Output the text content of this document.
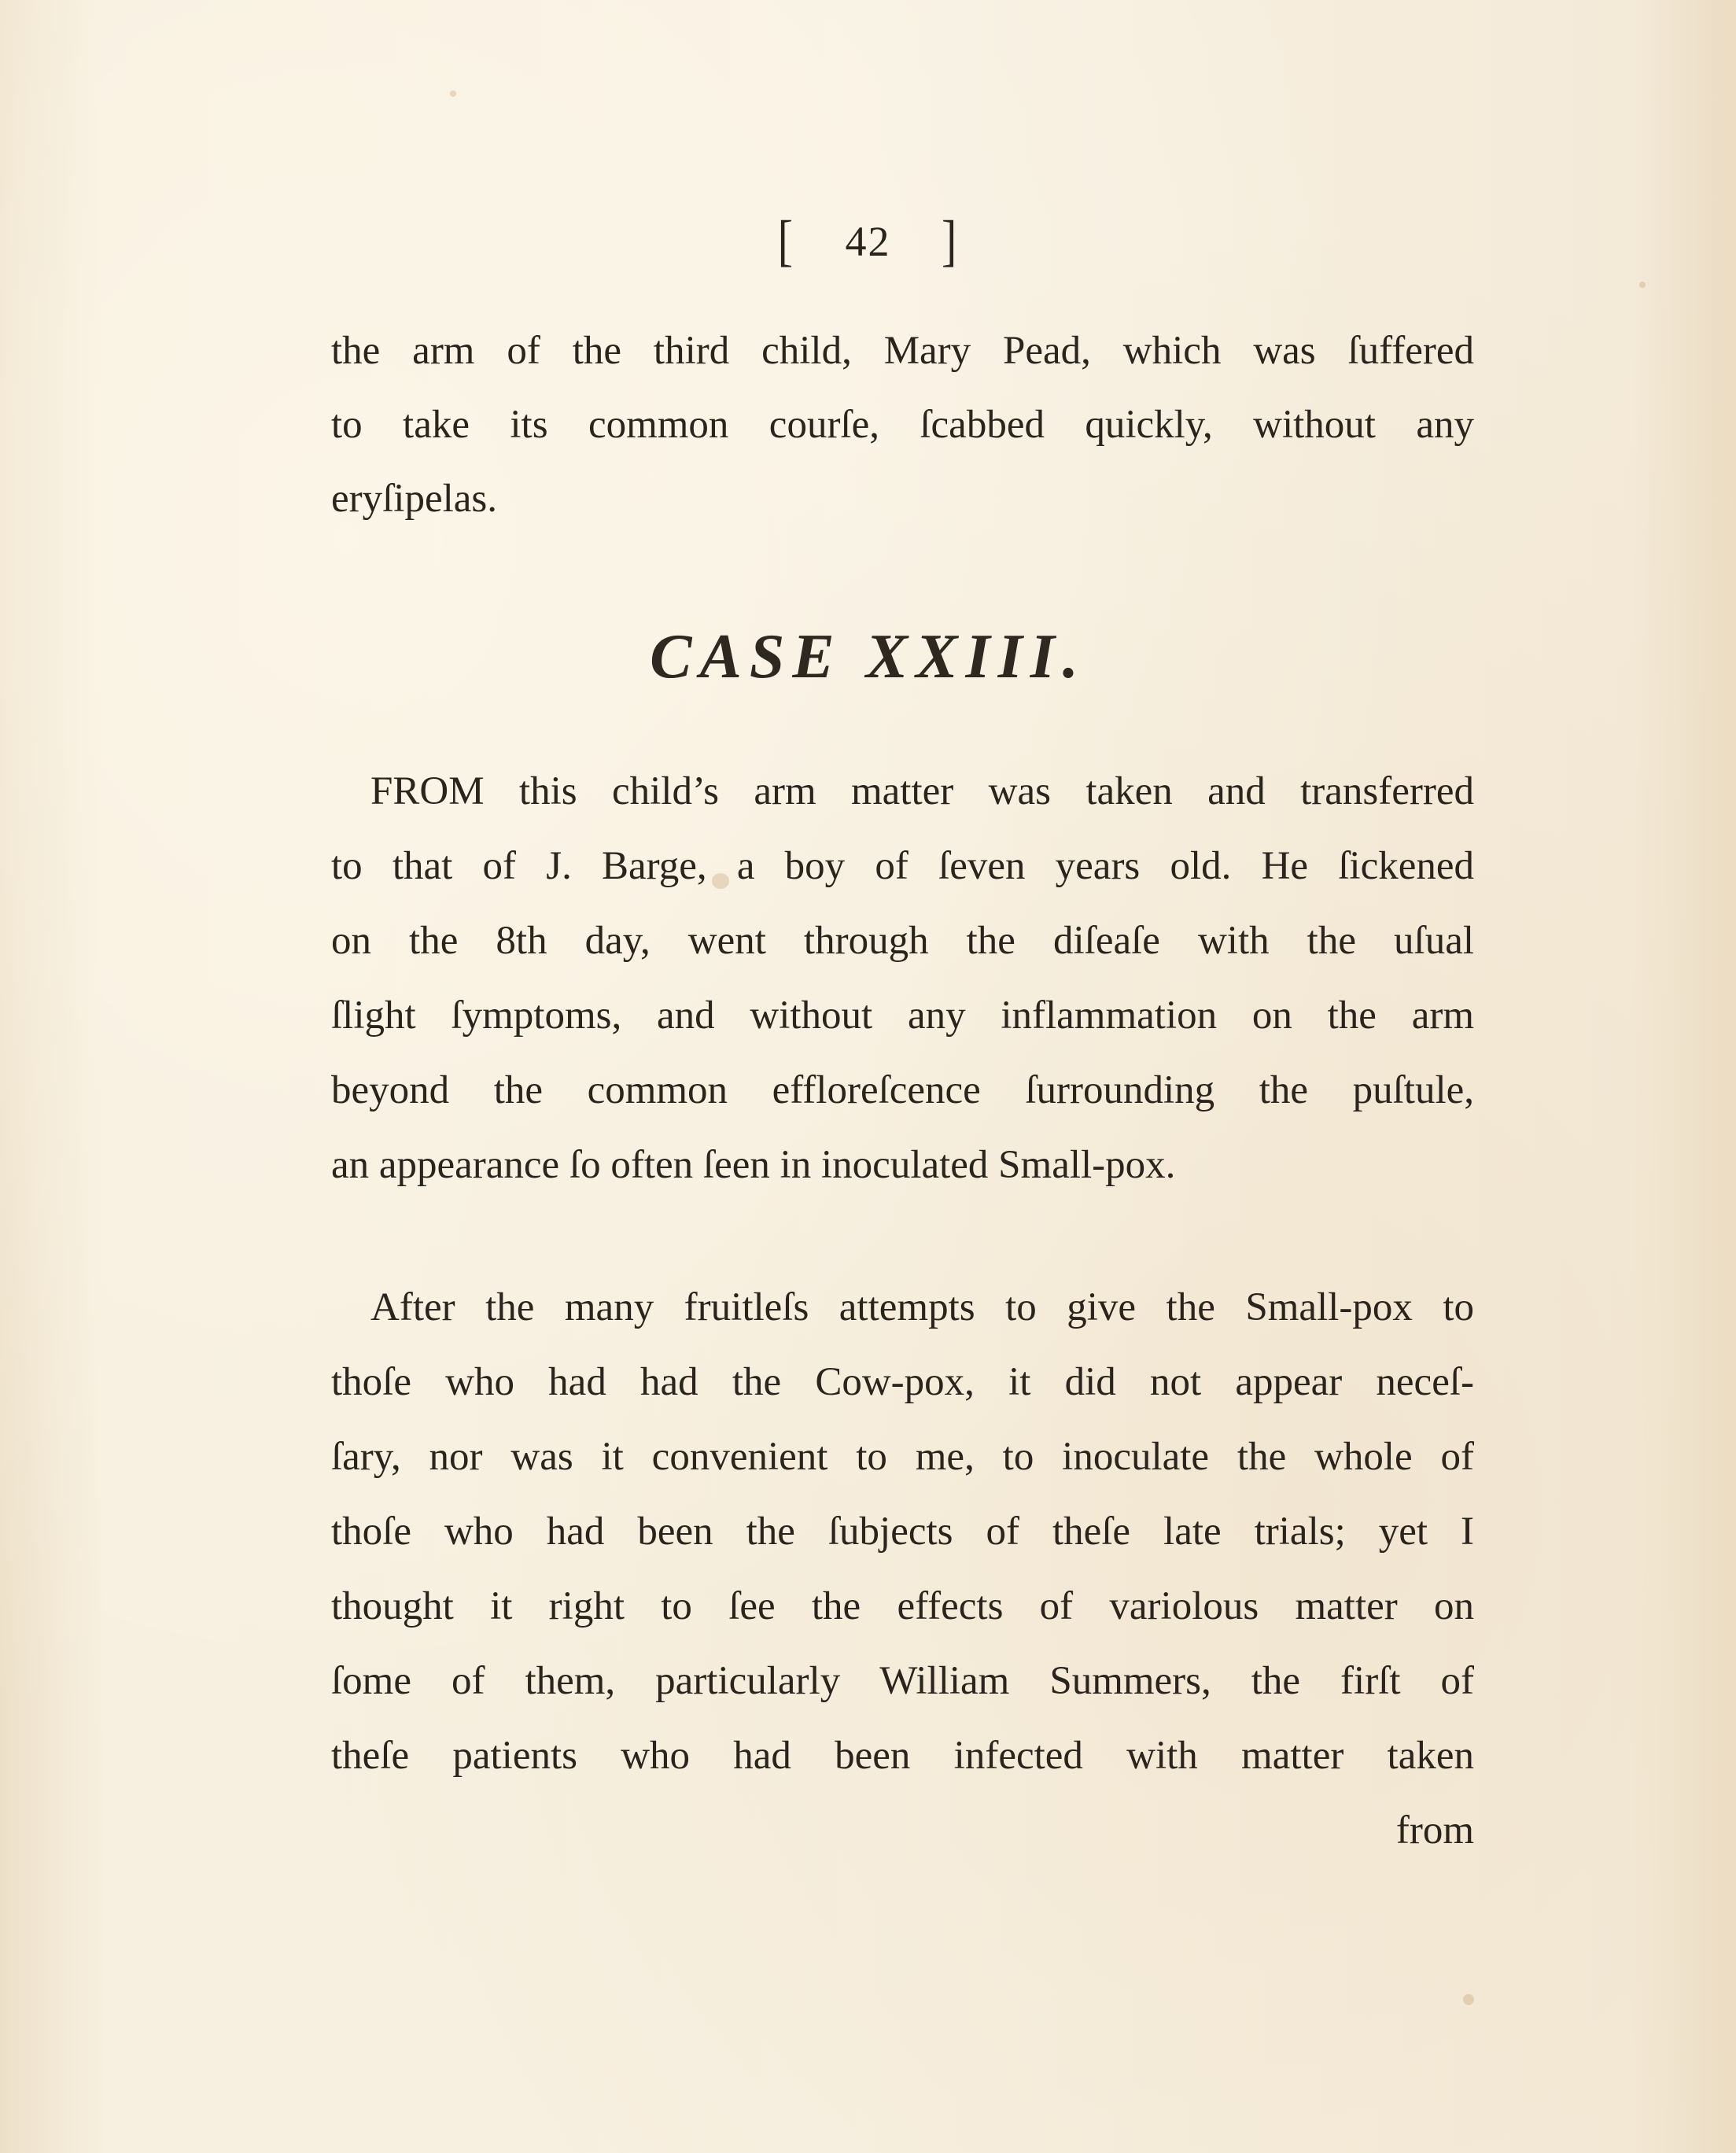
[ 42 ]
the arm of the third child, Mary Pead, which was ſuffered
to take its common courſe, ſcabbed quickly, without any
eryſipelas.
CASE XXIII.
FROM this child’s arm matter was taken and transferred
to that of J. Barge, a boy of ſeven years old. He ſickened
on the 8th day, went through the diſeaſe with the uſual
ſlight ſymptoms, and without any inflammation on the arm
beyond the common effloreſcence ſurrounding the puſtule,
an appearance ſo often ſeen in inoculated Small-pox.
After the many fruitleſs attempts to give the Small-pox to
thoſe who had had the Cow-pox, it did not appear neceſ-
ſary, nor was it convenient to me, to inoculate the whole of
thoſe who had been the ſubjects of theſe late trials; yet I
thought it right to ſee the effects of variolous matter on
ſome of them, particularly William Summers, the firſt of
theſe patients who had been infected with matter taken
from
